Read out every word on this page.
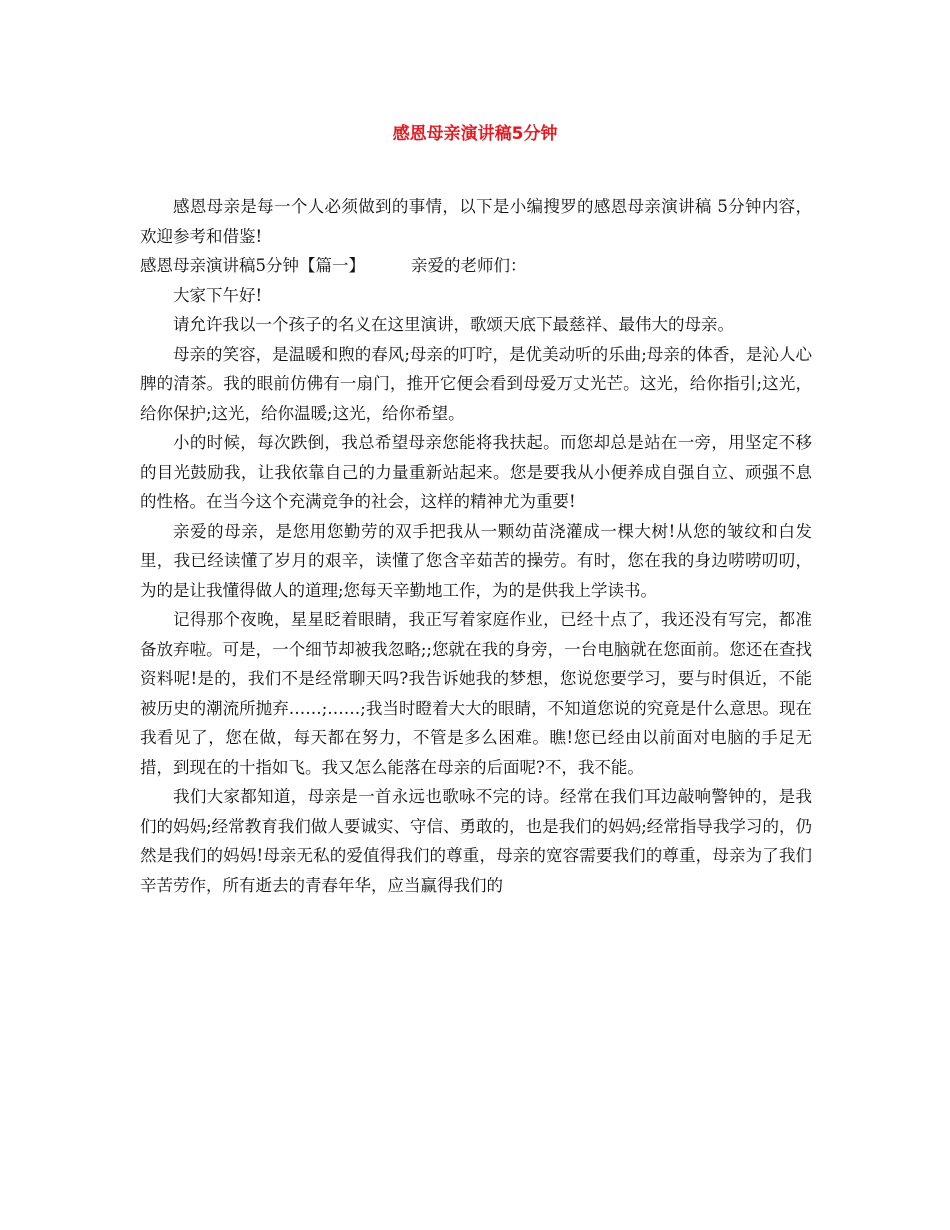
感恩母亲演讲稿5分钟

感恩母亲是每一个人必须做到的事情，以下是小编搜罗的感恩母亲演讲稿 5分钟内容，欢迎参考和借鉴!

感恩母亲演讲稿5分钟【篇一】	亲爱的老师们：

大家下午好!

请允许我以一个孩子的名义在这里演讲，歌颂天底下最慈祥、最伟大的母亲。

母亲的笑容，是温暖和煦的春风;母亲的叮咛，是优美动听的乐曲;母亲的体香，是沁人心脾的清茶。我的眼前仿佛有一扇门，推开它便会看到母爱万丈光芒。这光，给你指引;这光，给你保护;这光，给你温暖;这光，给你希望。

小的时候，每次跌倒，我总希望母亲您能将我扶起。而您却总是站在一旁，用坚定不移的目光鼓励我，让我依靠自己的力量重新站起来。您是要我从小便养成自强自立、顽强不息的性格。在当今这个充满竞争的社会，这样的精神尤为重要!

亲爱的母亲，是您用您勤劳的双手把我从一颗幼苗浇灌成一棵大树!从您的皱纹和白发里，我已经读懂了岁月的艰辛，读懂了您含辛茹苦的操劳。有时，您在我的身边唠唠叨叨，为的是让我懂得做人的道理;您每天辛勤地工作，为的是供我上学读书。

记得那个夜晚，星星眨着眼睛，我正写着家庭作业，已经十点了，我还没有写完，都准备放弃啦。可是，一个细节却被我忽略;;您就在我的身旁，一台电脑就在您面前。您还在查找资料呢!是的，我们不是经常聊天吗?我告诉她我的梦想，您说您要学习，要与时俱近，不能被历史的潮流所抛弃……;……;我当时瞪着大大的眼睛，不知道您说的究竟是什么意思。现在我看见了，您在做，每天都在努力，不管是多么困难。瞧!您已经由以前面对电脑的手足无措，到现在的十指如飞。我又怎么能落在母亲的后面呢?不，我不能。

我们大家都知道，母亲是一首永远也歌咏不完的诗。经常在我们耳边敲响警钟的，是我们的妈妈;经常教育我们做人要诚实、守信、勇敢的，也是我们的妈妈;经常指导我学习的，仍然是我们的妈妈!母亲无私的爱值得我们的尊重，母亲的宽容需要我们的尊重，母亲为了我们辛苦劳作，所有逝去的青春年华，应当赢得我们的
